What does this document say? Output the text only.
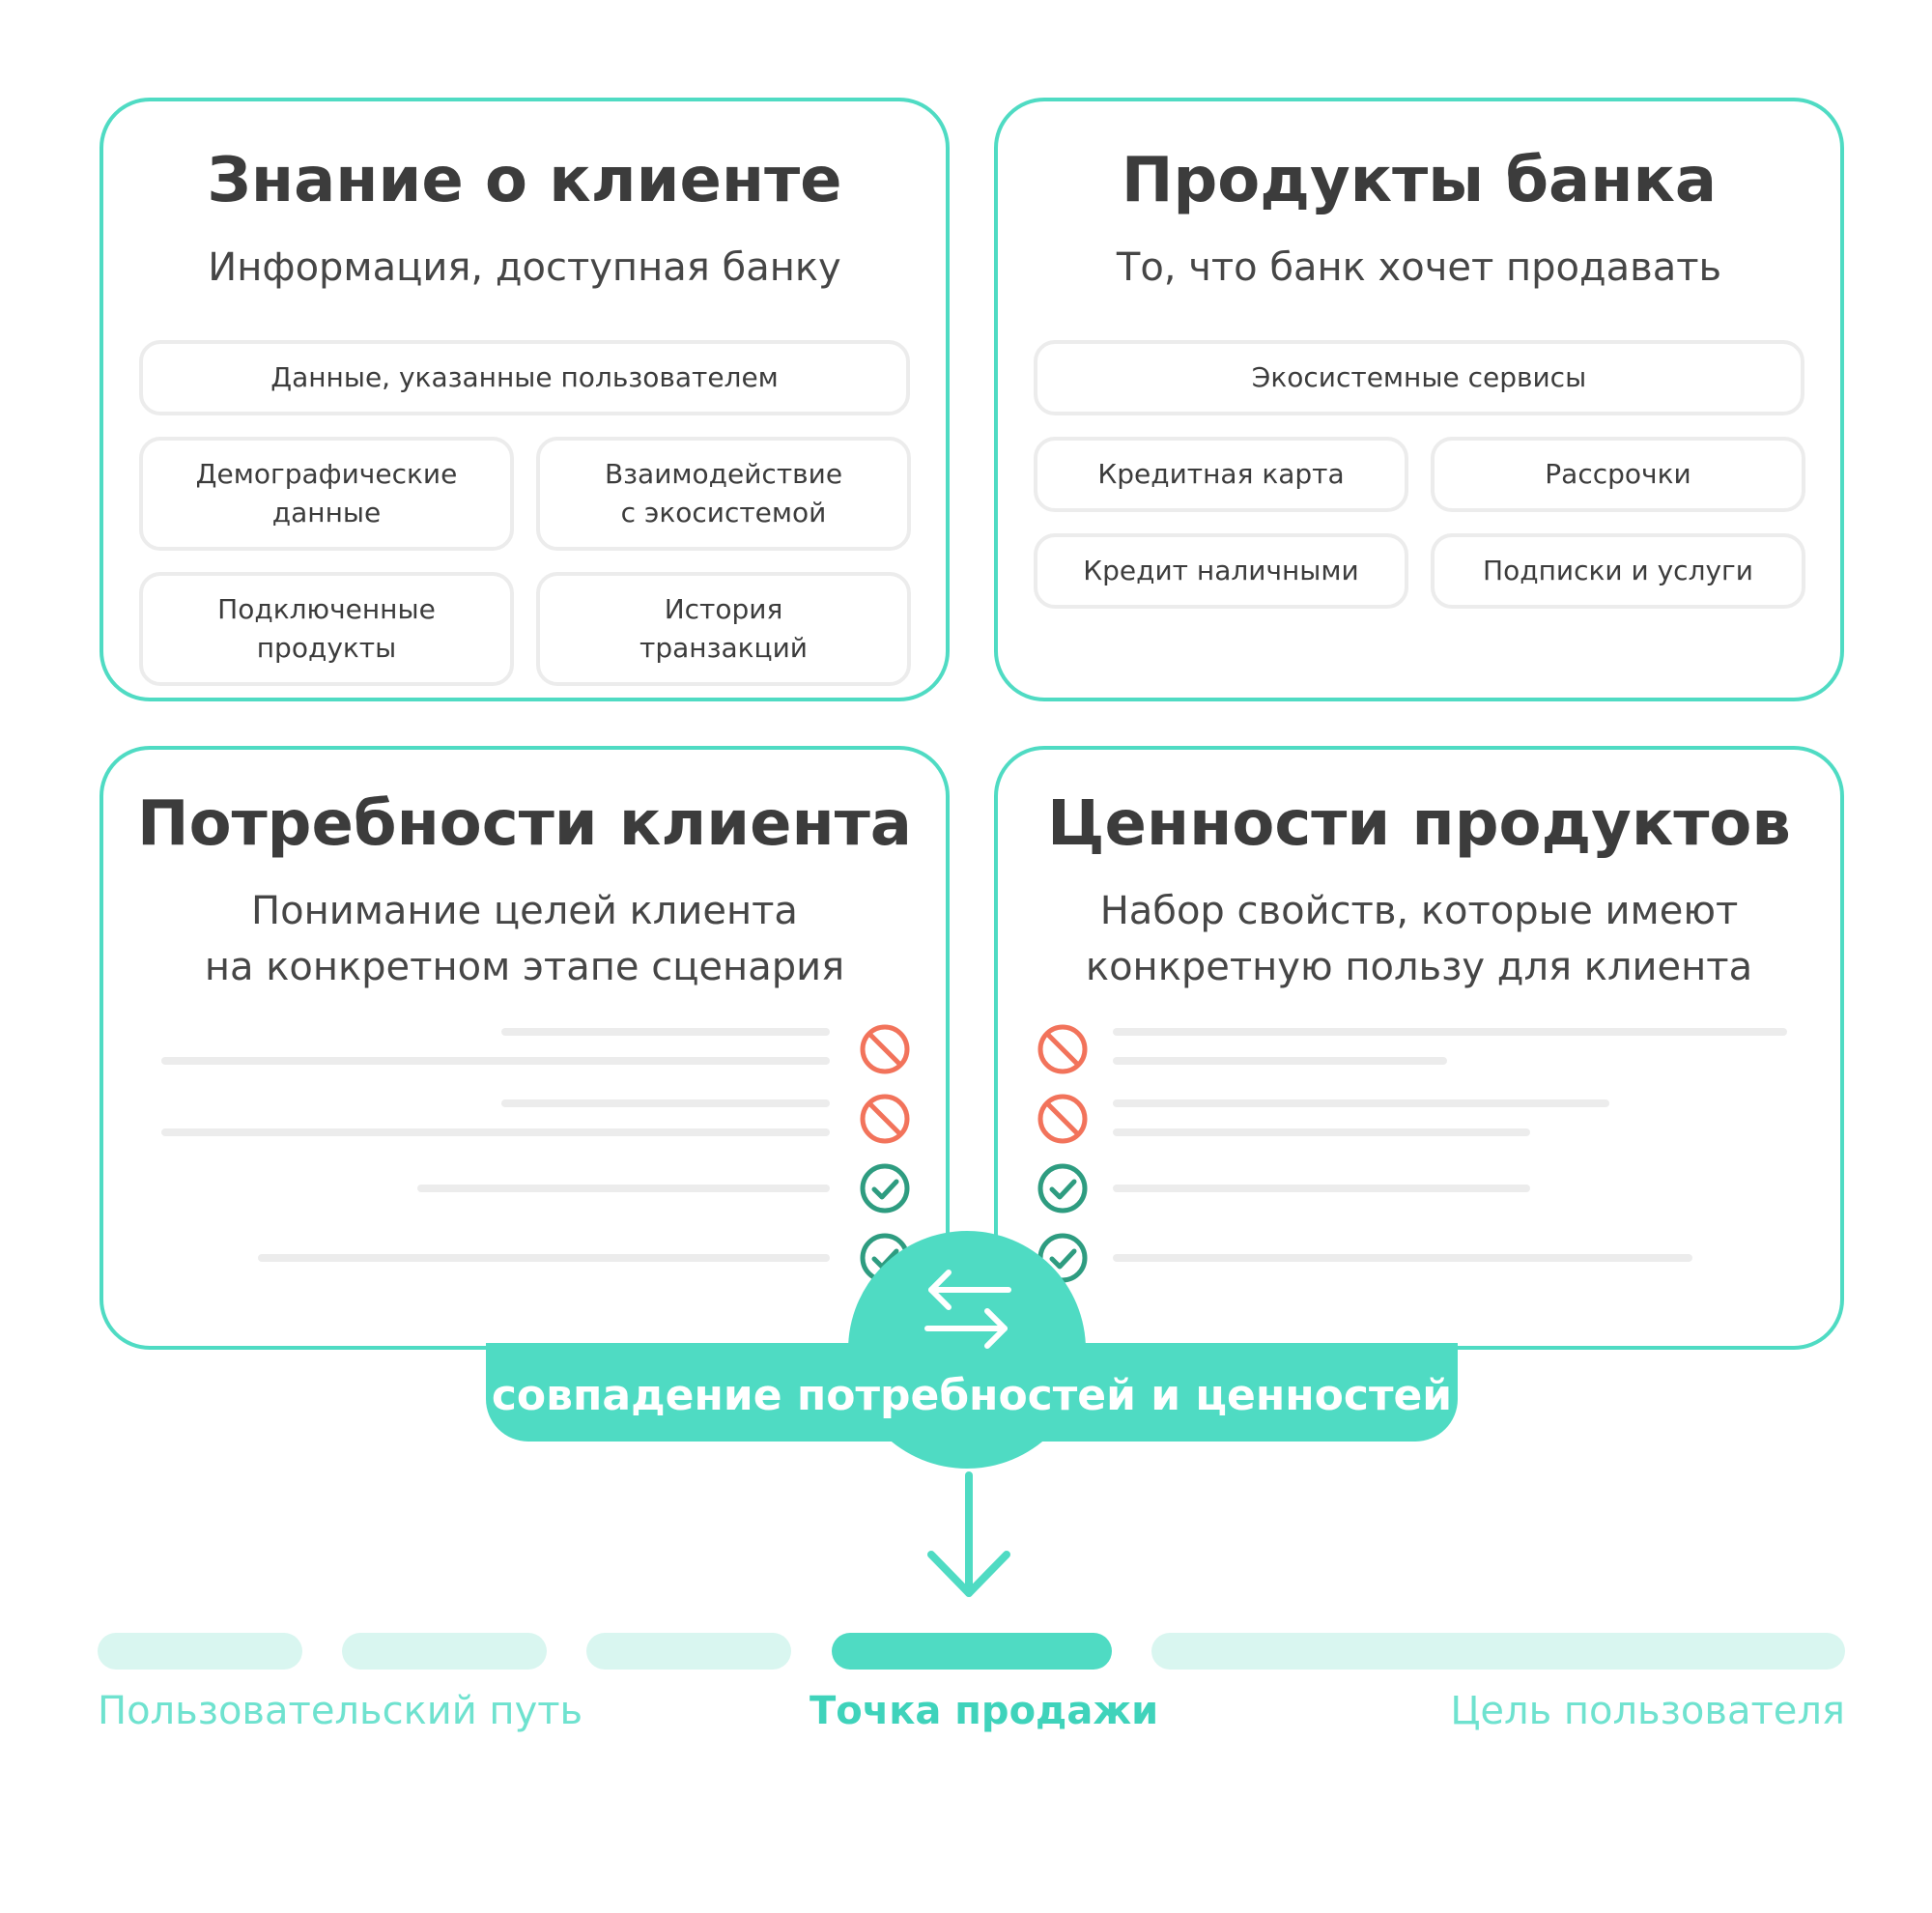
Знание о клиенте
Информация, доступная банку
Данные, указанные пользователем
Демографические
данные
Взаимодействие
с экосистемой
Подключенные
продукты
История
транзакций
Продукты банка
То, что банк хочет продавать
Экосистемные сервисы
Кредитная карта	Рассрочки
Кредит наличными	Подписки и услуги
Потребности клиента
Понимание целей клиента
на конкретном этапе сценария
Ценности продуктов
Набор свойств, которые имеют
конкретную пользу для клиента
совпадение потребностей и ценностей
Пользовательский путь	Точка продажи	Цель пользователя
